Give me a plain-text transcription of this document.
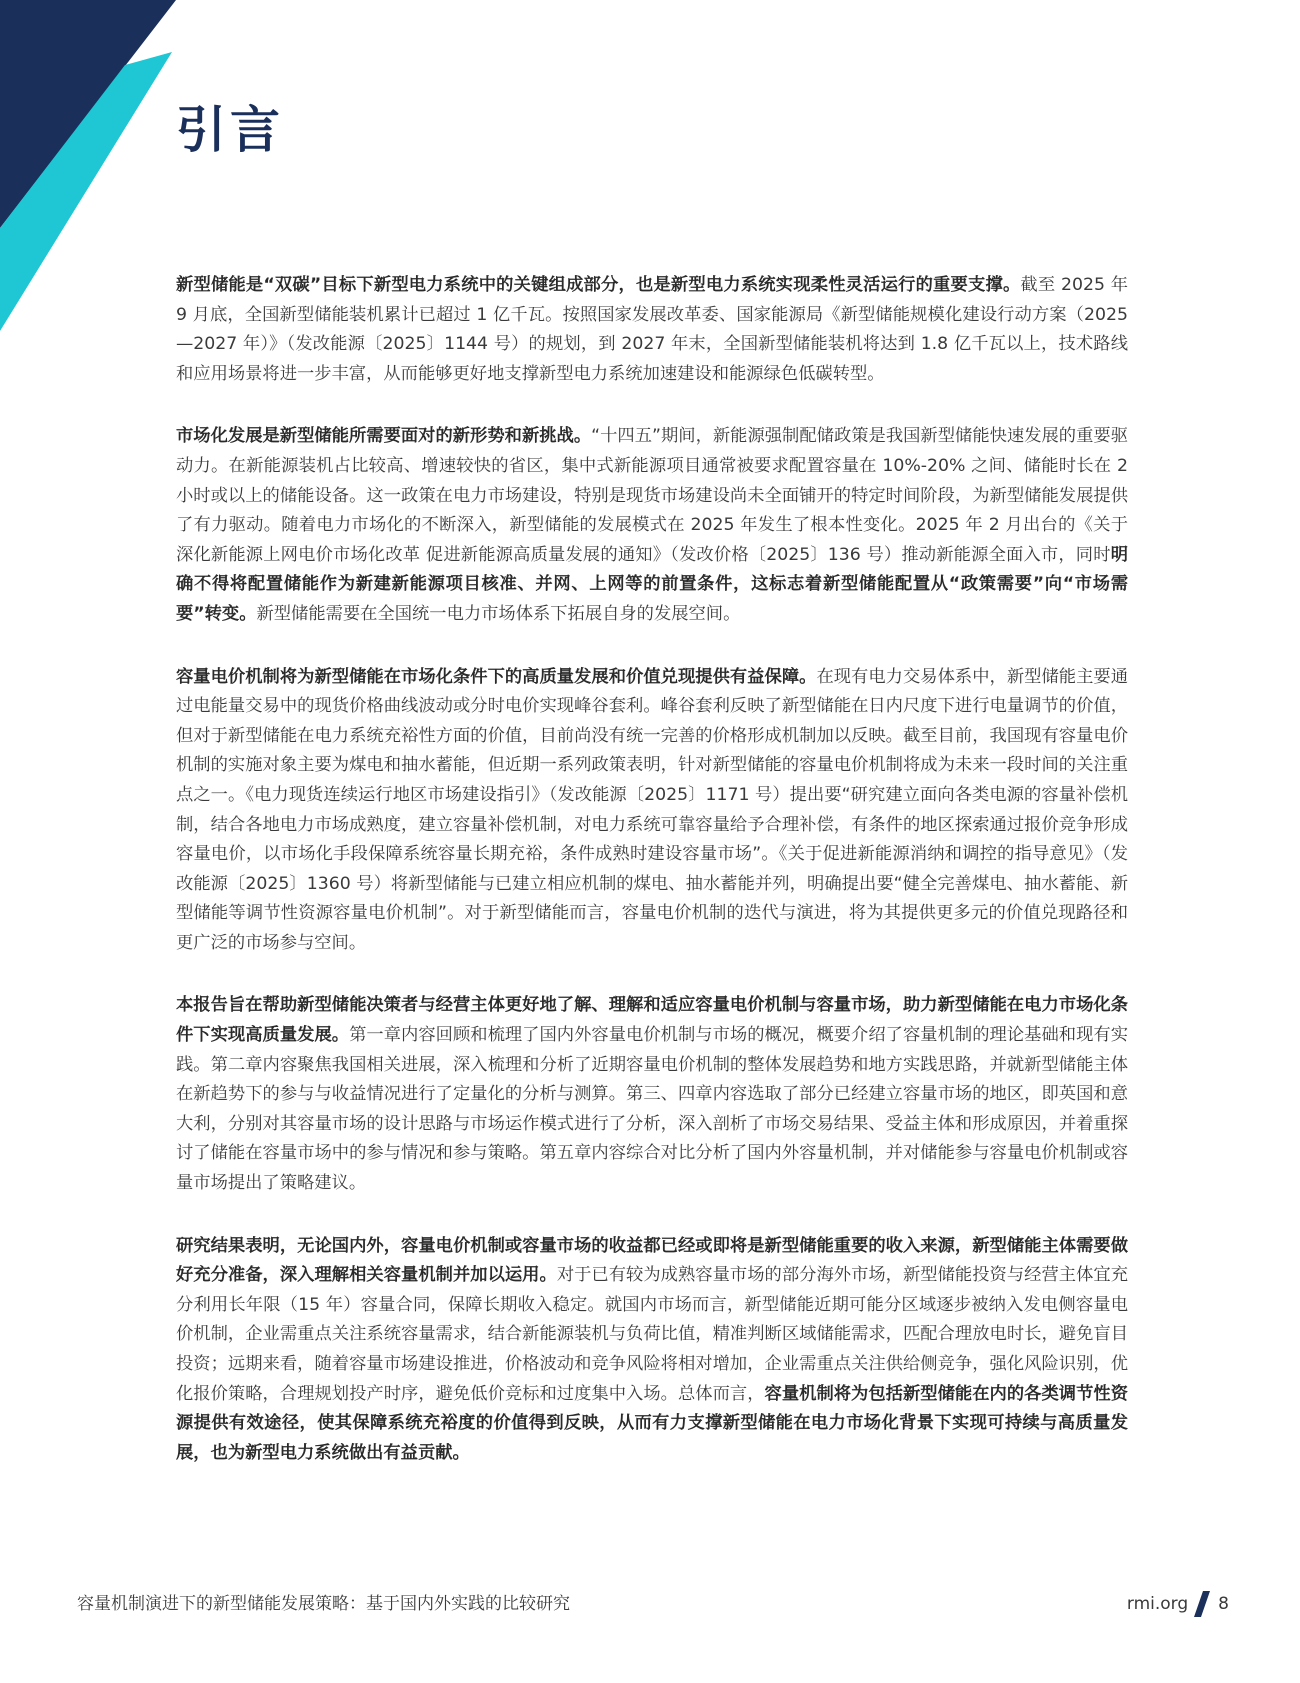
引言

新型储能是“双碳”目标下新型电力系统中的关键组成部分，也是新型电力系统实现柔性灵活运行的重要支撑。截至 2025 年 9 月底，全国新型储能装机累计已超过 1 亿千瓦。按照国家发展改革委、国家能源局《新型储能规模化建设行动方案（2025—2027 年）》（发改能源〔2025〕1144 号）的规划，到 2027 年末，全国新型储能装机将达到 1.8 亿千瓦以上，技术路线和应用场景将进一步丰富，从而能够更好地支撑新型电力系统加速建设和能源绿色低碳转型。

市场化发展是新型储能所需要面对的新形势和新挑战。“十四五”期间，新能源强制配储政策是我国新型储能快速发展的重要驱动力。在新能源装机占比较高、增速较快的省区，集中式新能源项目通常被要求配置容量在 10%-20% 之间、储能时长在 2 小时或以上的储能设备。这一政策在电力市场建设，特别是现货市场建设尚未全面铺开的特定时间阶段，为新型储能发展提供了有力驱动。随着电力市场化的不断深入，新型储能的发展模式在 2025 年发生了根本性变化。2025 年 2 月出台的《关于深化新能源上网电价市场化改革 促进新能源高质量发展的通知》（发改价格〔2025〕136 号）推动新能源全面入市，同时明确不得将配置储能作为新建新能源项目核准、并网、上网等的前置条件，这标志着新型储能配置从“政策需要”向“市场需要”转变。新型储能需要在全国统一电力市场体系下拓展自身的发展空间。

容量电价机制将为新型储能在市场化条件下的高质量发展和价值兑现提供有益保障。在现有电力交易体系中，新型储能主要通过电能量交易中的现货价格曲线波动或分时电价实现峰谷套利。峰谷套利反映了新型储能在日内尺度下进行电量调节的价值，但对于新型储能在电力系统充裕性方面的价值，目前尚没有统一完善的价格形成机制加以反映。截至目前，我国现有容量电价机制的实施对象主要为煤电和抽水蓄能，但近期一系列政策表明，针对新型储能的容量电价机制将成为未来一段时间的关注重点之一。《电力现货连续运行地区市场建设指引》（发改能源〔2025〕1171 号）提出要“研究建立面向各类电源的容量补偿机制，结合各地电力市场成熟度，建立容量补偿机制，对电力系统可靠容量给予合理补偿，有条件的地区探索通过报价竞争形成容量电价，以市场化手段保障系统容量长期充裕，条件成熟时建设容量市场”。《关于促进新能源消纳和调控的指导意见》（发改能源〔2025〕1360 号）将新型储能与已建立相应机制的煤电、抽水蓄能并列，明确提出要“健全完善煤电、抽水蓄能、新型储能等调节性资源容量电价机制”。对于新型储能而言，容量电价机制的迭代与演进，将为其提供更多元的价值兑现路径和更广泛的市场参与空间。

本报告旨在帮助新型储能决策者与经营主体更好地了解、理解和适应容量电价机制与容量市场，助力新型储能在电力市场化条件下实现高质量发展。第一章内容回顾和梳理了国内外容量电价机制与市场的概况，概要介绍了容量机制的理论基础和现有实践。第二章内容聚焦我国相关进展，深入梳理和分析了近期容量电价机制的整体发展趋势和地方实践思路，并就新型储能主体在新趋势下的参与与收益情况进行了定量化的分析与测算。第三、四章内容选取了部分已经建立容量市场的地区，即英国和意大利，分别对其容量市场的设计思路与市场运作模式进行了分析，深入剖析了市场交易结果、受益主体和形成原因，并着重探讨了储能在容量市场中的参与情况和参与策略。第五章内容综合对比分析了国内外容量机制，并对储能参与容量电价机制或容量市场提出了策略建议。

研究结果表明，无论国内外，容量电价机制或容量市场的收益都已经或即将是新型储能重要的收入来源，新型储能主体需要做好充分准备，深入理解相关容量机制并加以运用。对于已有较为成熟容量市场的部分海外市场，新型储能投资与经营主体宜充分利用长年限（15 年）容量合同，保障长期收入稳定。就国内市场而言，新型储能近期可能分区域逐步被纳入发电侧容量电价机制，企业需重点关注系统容量需求，结合新能源装机与负荷比值，精准判断区域储能需求，匹配合理放电时长，避免盲目投资；远期来看，随着容量市场建设推进，价格波动和竞争风险将相对增加，企业需重点关注供给侧竞争，强化风险识别，优化报价策略，合理规划投产时序，避免低价竞标和过度集中入场。总体而言，容量机制将为包括新型储能在内的各类调节性资源提供有效途径，使其保障系统充裕度的价值得到反映，从而有力支撑新型储能在电力市场化背景下实现可持续与高质量发展，也为新型电力系统做出有益贡献。

容量机制演进下的新型储能发展策略：基于国内外实践的比较研究	rmi.org 8
